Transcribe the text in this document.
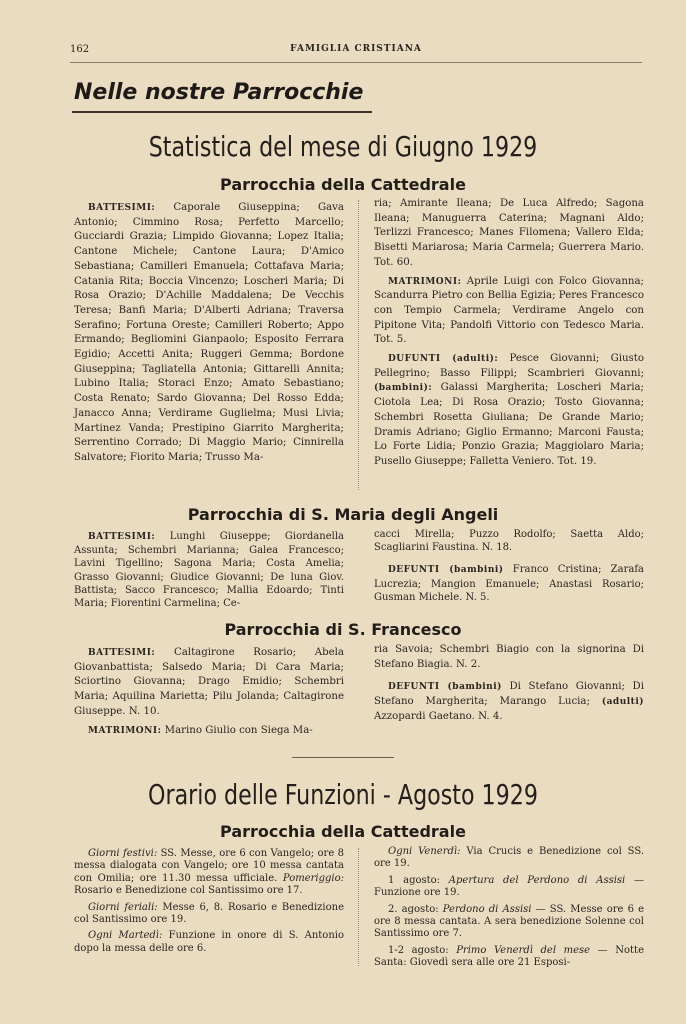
162	FAMIGLIA CRISTIANA
Nelle nostre Parrocchie
Statistica del mese di Giugno 1929
Parrocchia della Cattedrale

BATTESIMI: Caporale Giuseppina; Gava Antonio; Cimmino Rosa; Perfetto Marcello; Gucciardi Grazia; Limpido Giovanna; Lopez Italia; Cantone Michele; Cantone Laura; D'Amico Sebastiana; Camilleri Emanuela; Cottafava Maria; Catania Rita; Boccia Vincenzo; Loscheri Maria; Di Rosa Orazio; D'Achille Maddalena; De Vecchis Teresa; Banfi Maria; D'Alberti Adriana; Traversa Serafino; Fortuna Oreste; Camilleri Roberto; Appo Ermando; Begliomini Gianpaolo; Esposito Ferrara Egidio; Accetti Anita; Ruggeri Gemma; Bordone Giuseppina; Tagliatella Antonia; Gittarelli Annita; Lubino Italia; Storaci Enzo; Amato Sebastiano; Costa Renato; Sardo Giovanna; Del Rosso Edda; Janacco Anna; Verdirame Guglielma; Musi Livia; Martinez Vanda; Prestipino Giarrito Margherita; Serrentino Corrado; Di Maggio Mario; Cinnirella Salvatore; Fiorito Maria; Trusso Ma-

ria; Amirante Ileana; De Luca Alfredo; Sagona Ileana; Manuguerra Caterina; Magnani Aldo; Terlizzi Francesco; Manes Filomena; Vallero Elda; Bisetti Mariarosa; Maria Carmela; Guerrera Mario. Tot. 60.

MATRIMONI: Aprile Luigi con Folco Giovanna; Scandurra Pietro con Bellia Egizia; Peres Francesco con Tempio Carmela; Verdirame Angelo con Pipitone Vita; Pandolfi Vittorio con Tedesco Maria. Tot. 5.

DUFUNTI (adulti): Pesce Giovanni; Giusto Pellegrino; Basso Filippi; Scambrieri Giovanni; (bambini): Galassi Margherita; Loscheri Maria; Ciotola Lea; Di Rosa Orazio; Tosto Giovanna; Schembri Rosetta Giuliana; De Grande Mario; Dramis Adriano; Giglio Ermanno; Marconi Fausta; Lo Forte Lidia; Ponzio Grazia; Maggiolaro Maria; Pusello Giuseppe; Falletta Veniero. Tot. 19.

Parrocchia di S. Maria degli Angeli

BATTESIMI: Lunghi Giuseppe; Giordanella Assunta; Schembri Marianna; Galea Francesco; Lavini Tigellino; Sagona Maria; Costa Amelia; Grasso Giovanni; Giudice Giovanni; De luna Giov. Battista; Sacco Francesco; Mallia Edoardo; Tinti Maria; Fiorentini Carmelina; Ce-

cacci Mirella; Puzzo Rodolfo; Saetta Aldo; Scagliarini Faustina. N. 18.

DEFUNTI (bambini) Franco Cristina; Zarafa Lucrezia; Mangion Emanuele; Anastasi Rosario; Gusman Michele. N. 5.

Parrocchia di S. Francesco

BATTESIMI: Caltagirone Rosario; Abela Giovanbattista; Salsedo Maria; Di Cara Maria; Sciortino Giovanna; Drago Emidio; Schembri Maria; Aquilina Marietta; Pilu Jolanda; Caltagirone Giuseppe. N. 10.

MATRIMONI: Marino Giulio con Siega Ma-

ria Savoia; Schembri Biagio con la signorina Di Stefano Biagia. N. 2.

DEFUNTI (bambini) Di Stefano Giovanni; Di Stefano Margherita; Marango Lucia; (adulti) Azzopardi Gaetano. N. 4.

Orario delle Funzioni - Agosto 1929
Parrocchia della Cattedrale

Giorni festivi: SS. Messe, ore 6 con Vangelo; ore 8 messa dialogata con Vangelo; ore 10 messa cantata con Omilia; ore 11.30 messa ufficiale. Pomeriggio: Rosario e Benedizione col Santissimo ore 17.

Giorni feriali: Messe 6, 8. Rosario e Benedizione col Santissimo ore 19.

Ogni Martedì: Funzione in onore di S. Antonio dopo la messa delle ore 6.

Ogni Venerdì: Via Crucis e Benedizione col SS. ore 19.

1 agosto: Apertura del Perdono di Assisi — Funzione ore 19.

2. agosto: Perdono di Assisi — SS. Messe ore 6 e ore 8 messa cantata. A sera benedizione Solenne col Santissimo ore 7.

1-2 agosto: Primo Venerdì del mese — Notte Santa: Giovedì sera alle ore 21 Esposi-
